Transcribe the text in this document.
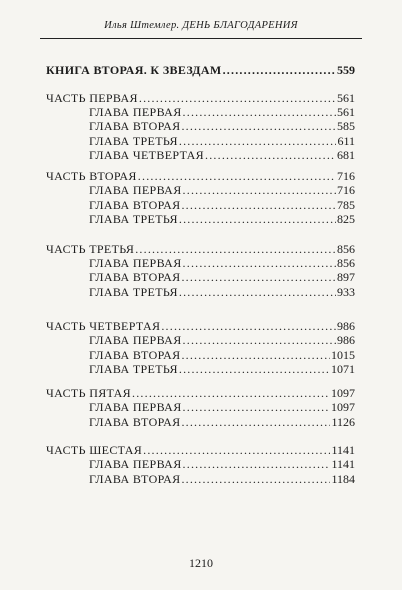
Илья Штемлер. ДЕНЬ БЛАГОДАРЕНИЯ
КНИГА ВТОРАЯ. К ЗВЕЗДАМ .....	559
ЧАСТЬ ПЕРВАЯ .....	561
ГЛАВА ПЕРВАЯ .....	561
ГЛАВА ВТОРАЯ .....	585
ГЛАВА ТРЕТЬЯ .....	611
ГЛАВА ЧЕТВЕРТАЯ .....	681
ЧАСТЬ ВТОРАЯ .....	716
ГЛАВА ПЕРВАЯ .....	716
ГЛАВА ВТОРАЯ .....	785
ГЛАВА ТРЕТЬЯ .....	825
ЧАСТЬ ТРЕТЬЯ .....	856
ГЛАВА ПЕРВАЯ .....	856
ГЛАВА ВТОРАЯ .....	897
ГЛАВА ТРЕТЬЯ .....	933
ЧАСТЬ ЧЕТВЕРТАЯ .....	986
ГЛАВА ПЕРВАЯ .....	986
ГЛАВА ВТОРАЯ .....	1015
ГЛАВА ТРЕТЬЯ .....	1071
ЧАСТЬ ПЯТАЯ .....	1097
ГЛАВА ПЕРВАЯ .....	1097
ГЛАВА ВТОРАЯ .....	1126
ЧАСТЬ ШЕСТАЯ .....	1141
ГЛАВА ПЕРВАЯ .....	1141
ГЛАВА ВТОРАЯ .....	1184
1210
